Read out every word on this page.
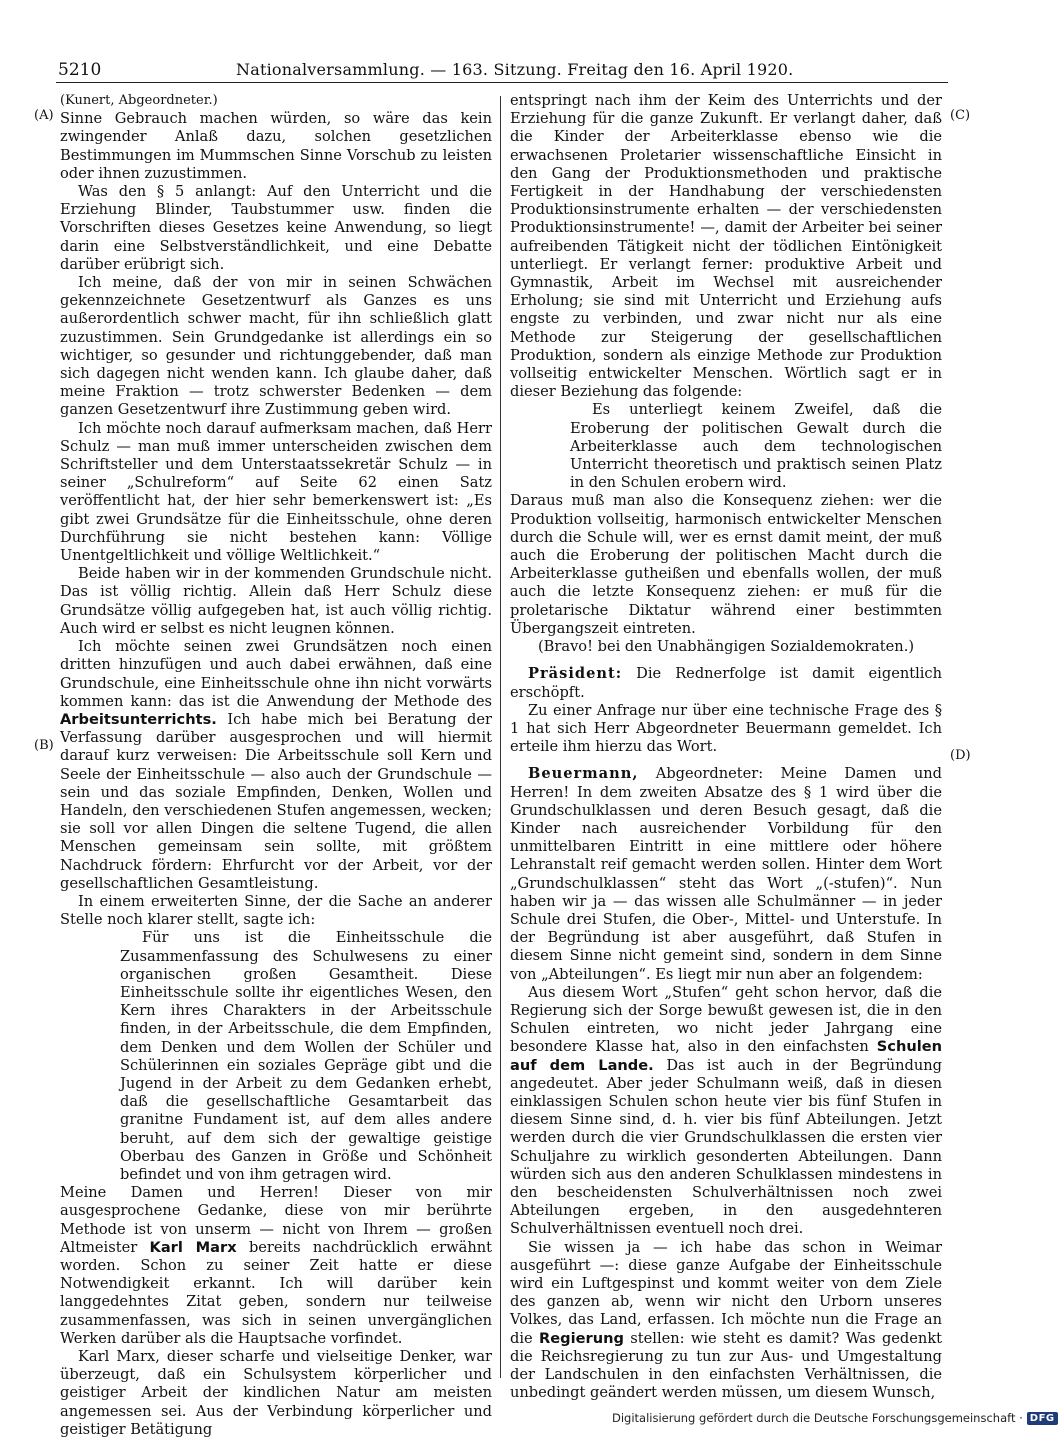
5210	Nationalversammlung. — 163. Sitzung. Freitag den 16. April 1920.
(A)
(B)
(C)
(D)

(Kunert, Abgeordneter.)

Sinne Gebrauch machen würden, so wäre das kein zwingender Anlaß dazu, solchen gesetzlichen Bestimmungen im Mummschen Sinne Vorschub zu leisten oder ihnen zuzustimmen.

Was den § 5 anlangt: Auf den Unterricht und die Erziehung Blinder, Taubstummer usw. finden die Vorschriften dieses Gesetzes keine Anwendung, so liegt darin eine Selbstverständlichkeit, und eine Debatte darüber erübrigt sich.

Ich meine, daß der von mir in seinen Schwächen gekennzeichnete Gesetzentwurf als Ganzes es uns außerordentlich schwer macht, für ihn schließlich glatt zuzustimmen. Sein Grundgedanke ist allerdings ein so wichtiger, so gesunder und richtunggebender, daß man sich dagegen nicht wenden kann. Ich glaube daher, daß meine Fraktion — trotz schwerster Bedenken — dem ganzen Gesetzentwurf ihre Zustimmung geben wird.

Ich möchte noch darauf aufmerksam machen, daß Herr Schulz — man muß immer unterscheiden zwischen dem Schriftsteller und dem Unterstaatssekretär Schulz — in seiner „Schulreform“ auf Seite 62 einen Satz veröffentlicht hat, der hier sehr bemerkenswert ist: „Es gibt zwei Grundsätze für die Einheitsschule, ohne deren Durchführung sie nicht bestehen kann: Völlige Unentgeltlichkeit und völlige Weltlichkeit.“

Beide haben wir in der kommenden Grundschule nicht. Das ist völlig richtig. Allein daß Herr Schulz diese Grundsätze völlig aufgegeben hat, ist auch völlig richtig. Auch wird er selbst es nicht leugnen können.

Ich möchte seinen zwei Grundsätzen noch einen dritten hinzufügen und auch dabei erwähnen, daß eine Grundschule, eine Einheitsschule ohne ihn nicht vorwärts kommen kann: das ist die Anwendung der Methode des Arbeitsunterrichts. Ich habe mich bei Beratung der Verfassung darüber ausgesprochen und will hiermit darauf kurz verweisen: Die Arbeitsschule soll Kern und Seele der Einheitsschule — also auch der Grundschule — sein und das soziale Empfinden, Denken, Wollen und Handeln, den verschiedenen Stufen angemessen, wecken; sie soll vor allen Dingen die seltene Tugend, die allen Menschen gemeinsam sein sollte, mit größtem Nachdruck fördern: Ehrfurcht vor der Arbeit, vor der gesellschaftlichen Gesamtleistung.

In einem erweiterten Sinne, der die Sache an anderer Stelle noch klarer stellt, sagte ich:

Für uns ist die Einheitsschule die Zusammenfassung des Schulwesens zu einer organischen großen Gesamtheit. Diese Einheitsschule sollte ihr eigentliches Wesen, den Kern ihres Charakters in der Arbeitsschule finden, in der Arbeitsschule, die dem Empfinden, dem Denken und dem Wollen der Schüler und Schülerinnen ein soziales Gepräge gibt und die Jugend in der Arbeit zu dem Gedanken erhebt, daß die gesellschaftliche Gesamtarbeit das granitne Fundament ist, auf dem alles andere beruht, auf dem sich der gewaltige geistige Oberbau des Ganzen in Größe und Schönheit befindet und von ihm getragen wird.

Meine Damen und Herren! Dieser von mir ausgesprochene Gedanke, diese von mir berührte Methode ist von unserm — nicht von Ihrem — großen Altmeister Karl Marx bereits nachdrücklich erwähnt worden. Schon zu seiner Zeit hatte er diese Notwendigkeit erkannt. Ich will darüber kein langgedehntes Zitat geben, sondern nur teilweise zusammenfassen, was sich in seinen unvergänglichen Werken darüber als die Hauptsache vorfindet.

Karl Marx, dieser scharfe und vielseitige Denker, war überzeugt, daß ein Schulsystem körperlicher und geistiger Arbeit der kindlichen Natur am meisten angemessen sei. Aus der Verbindung körperlicher und geistiger Betätigung

entspringt nach ihm der Keim des Unterrichts und der Erziehung für die ganze Zukunft. Er verlangt daher, daß die Kinder der Arbeiterklasse ebenso wie die erwachsenen Proletarier wissenschaftliche Einsicht in den Gang der Produktionsmethoden und praktische Fertigkeit in der Handhabung der verschiedensten Produktionsinstrumente erhalten — der verschiedensten Produktionsinstrumente! —, damit der Arbeiter bei seiner aufreibenden Tätigkeit nicht der tödlichen Eintönigkeit unterliegt. Er verlangt ferner: produktive Arbeit und Gymnastik, Arbeit im Wechsel mit ausreichender Erholung; sie sind mit Unterricht und Erziehung aufs engste zu verbinden, und zwar nicht nur als eine Methode zur Steigerung der gesellschaftlichen Produktion, sondern als einzige Methode zur Produktion vollseitig entwickelter Menschen. Wörtlich sagt er in dieser Beziehung das folgende:

Es unterliegt keinem Zweifel, daß die Eroberung der politischen Gewalt durch die Arbeiterklasse auch dem technologischen Unterricht theoretisch und praktisch seinen Platz in den Schulen erobern wird.

Daraus muß man also die Konsequenz ziehen: wer die Produktion vollseitig, harmonisch entwickelter Menschen durch die Schule will, wer es ernst damit meint, der muß auch die Eroberung der politischen Macht durch die Arbeiterklasse gutheißen und ebenfalls wollen, der muß auch die letzte Konsequenz ziehen: er muß für die proletarische Diktatur während einer bestimmten Übergangszeit eintreten.

(Bravo! bei den Unabhängigen Sozialdemokraten.)

Präsident: Die Rednerfolge ist damit eigentlich erschöpft.

Zu einer Anfrage nur über eine technische Frage des § 1 hat sich Herr Abgeordneter Beuermann gemeldet. Ich erteile ihm hierzu das Wort.

Beuermann, Abgeordneter: Meine Damen und Herren! In dem zweiten Absatze des § 1 wird über die Grundschulklassen und deren Besuch gesagt, daß die Kinder nach ausreichender Vorbildung für den unmittelbaren Eintritt in eine mittlere oder höhere Lehranstalt reif gemacht werden sollen. Hinter dem Wort „Grundschulklassen“ steht das Wort „(-stufen)“. Nun haben wir ja — das wissen alle Schulmänner — in jeder Schule drei Stufen, die Ober-, Mittel- und Unterstufe. In der Begründung ist aber ausgeführt, daß Stufen in diesem Sinne nicht gemeint sind, sondern in dem Sinne von „Abteilungen“. Es liegt mir nun aber an folgendem:

Aus diesem Wort „Stufen“ geht schon hervor, daß die Regierung sich der Sorge bewußt gewesen ist, die in den Schulen eintreten, wo nicht jeder Jahrgang eine besondere Klasse hat, also in den einfachsten Schulen auf dem Lande. Das ist auch in der Begründung angedeutet. Aber jeder Schulmann weiß, daß in diesen einklassigen Schulen schon heute vier bis fünf Stufen in diesem Sinne sind, d. h. vier bis fünf Abteilungen. Jetzt werden durch die vier Grundschulklassen die ersten vier Schuljahre zu wirklich gesonderten Abteilungen. Dann würden sich aus den anderen Schulklassen mindestens in den bescheidensten Schulverhältnissen noch zwei Abteilungen ergeben, in den ausgedehnteren Schulverhältnissen eventuell noch drei.

Sie wissen ja — ich habe das schon in Weimar ausgeführt —: diese ganze Aufgabe der Einheitsschule wird ein Luftgespinst und kommt weiter von dem Ziele des ganzen ab, wenn wir nicht den Urborn unseres Volkes, das Land, erfassen. Ich möchte nun die Frage an die Regierung stellen: wie steht es damit? Was gedenkt die Reichsregierung zu tun zur Aus- und Umgestaltung der Landschulen in den einfachsten Verhältnissen, die unbedingt geändert werden müssen, um diesem Wunsch,

Digitalisierung gefördert durch die Deutsche Forschungsgemeinschaft · DFG
